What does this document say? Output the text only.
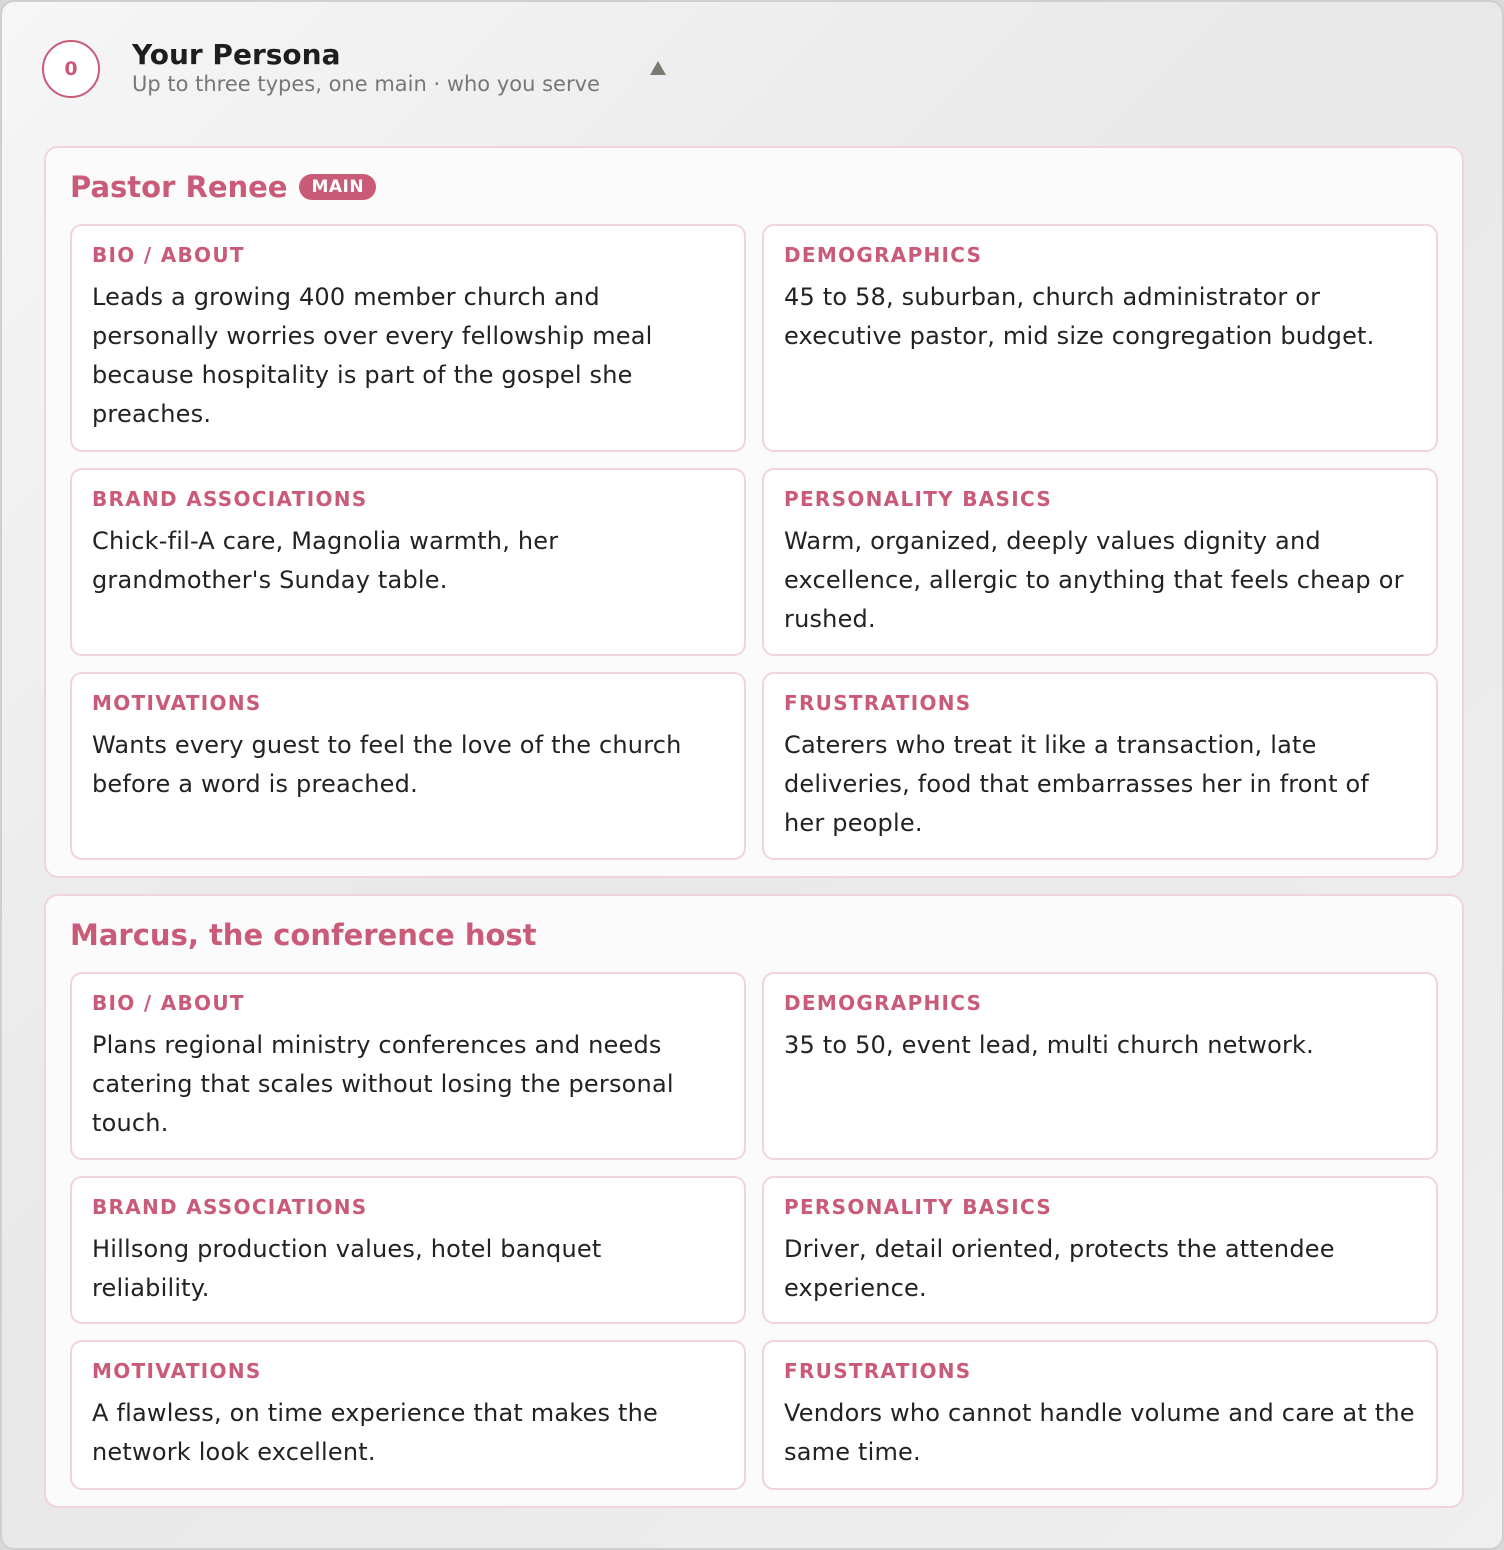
0	Your Persona
Up to three types, one main · who you serve
Pastor Renee	MAIN
BIO / ABOUT
Leads a growing 400 member church and personally worries over every fellowship meal because hospitality is part of the gospel she preaches.
DEMOGRAPHICS
45 to 58, suburban, church administrator or executive pastor, mid size congregation budget.
BRAND ASSOCIATIONS
Chick-fil-A care, Magnolia warmth, her grandmother's Sunday table.
PERSONALITY BASICS
Warm, organized, deeply values dignity and excellence, allergic to anything that feels cheap or rushed.
MOTIVATIONS
Wants every guest to feel the love of the church before a word is preached.
FRUSTRATIONS
Caterers who treat it like a transaction, late deliveries, food that embarrasses her in front of her people.
Marcus, the conference host
BIO / ABOUT
Plans regional ministry conferences and needs catering that scales without losing the personal touch.
DEMOGRAPHICS
35 to 50, event lead, multi church network.
BRAND ASSOCIATIONS
Hillsong production values, hotel banquet reliability.
PERSONALITY BASICS
Driver, detail oriented, protects the attendee experience.
MOTIVATIONS
A flawless, on time experience that makes the network look excellent.
FRUSTRATIONS
Vendors who cannot handle volume and care at the same time.
